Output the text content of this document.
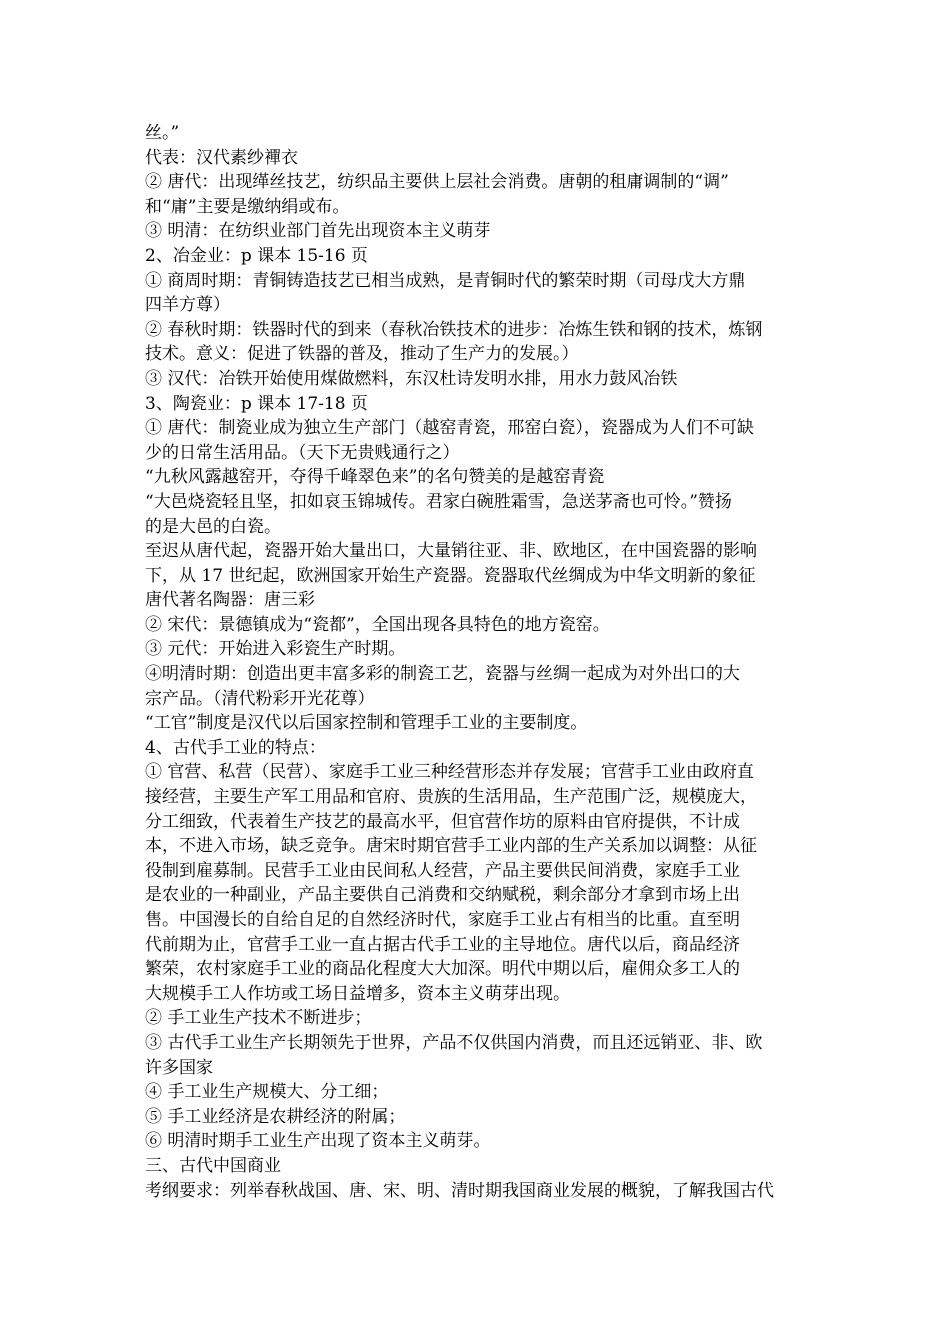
丝。”
代表：汉代素纱襌衣
② 唐代：出现缂丝技艺，纺织品主要供上层社会消费。唐朝的租庸调制的“调”
和“庸”主要是缴纳绢或布。
③ 明清：在纺织业部门首先出现资本主义萌芽
2、冶金业：p 课本 15-16 页
① 商周时期：青铜铸造技艺已相当成熟，是青铜时代的繁荣时期（司母戊大方鼎
四羊方尊）
② 春秋时期：铁器时代的到来（春秋冶铁技术的进步：冶炼生铁和钢的技术，炼钢
技术。意义：促进了铁器的普及，推动了生产力的发展。）
③ 汉代：冶铁开始使用煤做燃料，东汉杜诗发明水排，用水力鼓风冶铁
3、陶瓷业：p 课本 17-18 页
① 唐代：制瓷业成为独立生产部门（越窑青瓷，邢窑白瓷），瓷器成为人们不可缺
少的日常生活用品。（天下无贵贱通行之）
“九秋风露越窑开，夺得千峰翠色来”的名句赞美的是越窑青瓷
“大邑烧瓷轻且坚，扣如哀玉锦城传。君家白碗胜霜雪，急送茅斋也可怜。”赞扬
的是大邑的白瓷。
至迟从唐代起，瓷器开始大量出口，大量销往亚、非、欧地区，在中国瓷器的影响
下，从 17 世纪起，欧洲国家开始生产瓷器。瓷器取代丝绸成为中华文明新的象征
唐代著名陶器：唐三彩
② 宋代：景德镇成为“瓷都”，全国出现各具特色的地方瓷窑。
③ 元代：开始进入彩瓷生产时期。
④明清时期：创造出更丰富多彩的制瓷工艺，瓷器与丝绸一起成为对外出口的大
宗产品。（清代粉彩开光花尊）
“工官”制度是汉代以后国家控制和管理手工业的主要制度。
4、古代手工业的特点：
① 官营、私营（民营）、家庭手工业三种经营形态并存发展；官营手工业由政府直
接经营，主要生产军工用品和官府、贵族的生活用品，生产范围广泛，规模庞大，
分工细致，代表着生产技艺的最高水平，但官营作坊的原料由官府提供，不计成
本，不进入市场，缺乏竞争。唐宋时期官营手工业内部的生产关系加以调整：从征
役制到雇募制。民营手工业由民间私人经营，产品主要供民间消费，家庭手工业
是农业的一种副业，产品主要供自己消费和交纳赋税，剩余部分才拿到市场上出
售。中国漫长的自给自足的自然经济时代，家庭手工业占有相当的比重。直至明
代前期为止，官营手工业一直占据古代手工业的主导地位。唐代以后，商品经济
繁荣，农村家庭手工业的商品化程度大大加深。明代中期以后，雇佣众多工人的
大规模手工人作坊或工场日益增多，资本主义萌芽出现。
② 手工业生产技术不断进步；
③ 古代手工业生产长期领先于世界，产品不仅供国内消费，而且还远销亚、非、欧
许多国家
④ 手工业生产规模大、分工细；
⑤ 手工业经济是农耕经济的附属；
⑥ 明清时期手工业生产出现了资本主义萌芽。
三、古代中国商业
考纲要求：列举春秋战国、唐、宋、明、清时期我国商业发展的概貌，了解我国古代
